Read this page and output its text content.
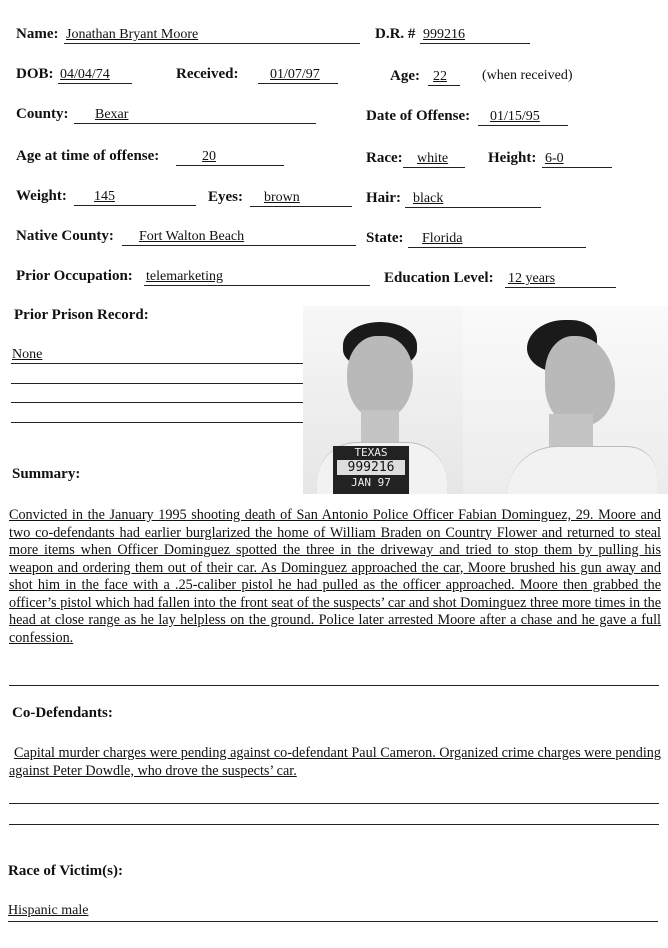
Name: Jonathan Bryant Moore	D.R. # 999216
DOB: 04/04/74	Received: 01/07/97	Age: 22	(when received)
County: Bexar	Date of Offense: 01/15/95
Age at time of offense:	20	Race: white	Height: 6-0
Weight: 145	Eyes: brown	Hair: black
Native County: Fort Walton Beach	State: Florida
Prior Occupation: telemarketing	Education Level: 12 years
Prior Prison Record:
None
TEXAS
999216
JAN 97
Summary:
Convicted in the January 1995 shooting death of San Antonio Police Officer Fabian Dominguez, 29. Moore and two co-defendants had earlier burglarized the home of William Braden on Country Flower and returned to steal more items when Officer Dominguez spotted the three in the driveway and tried to stop them by pulling his weapon and ordering them out of their car. As Dominguez approached the car, Moore brushed his gun away and shot him in the face with a .25-caliber pistol he had pulled as the officer approached. Moore then grabbed the officer’s pistol which had fallen into the front seat of the suspects’ car and shot Dominguez three more times in the head at close range as he lay helpless on the ground. Police later arrested Moore after a chase and he gave a full confession.
Co-Defendants:
Capital murder charges were pending against co-defendant Paul Cameron. Organized crime charges were pending against Peter Dowdle, who drove the suspects’ car.
Race of Victim(s):
Hispanic male
